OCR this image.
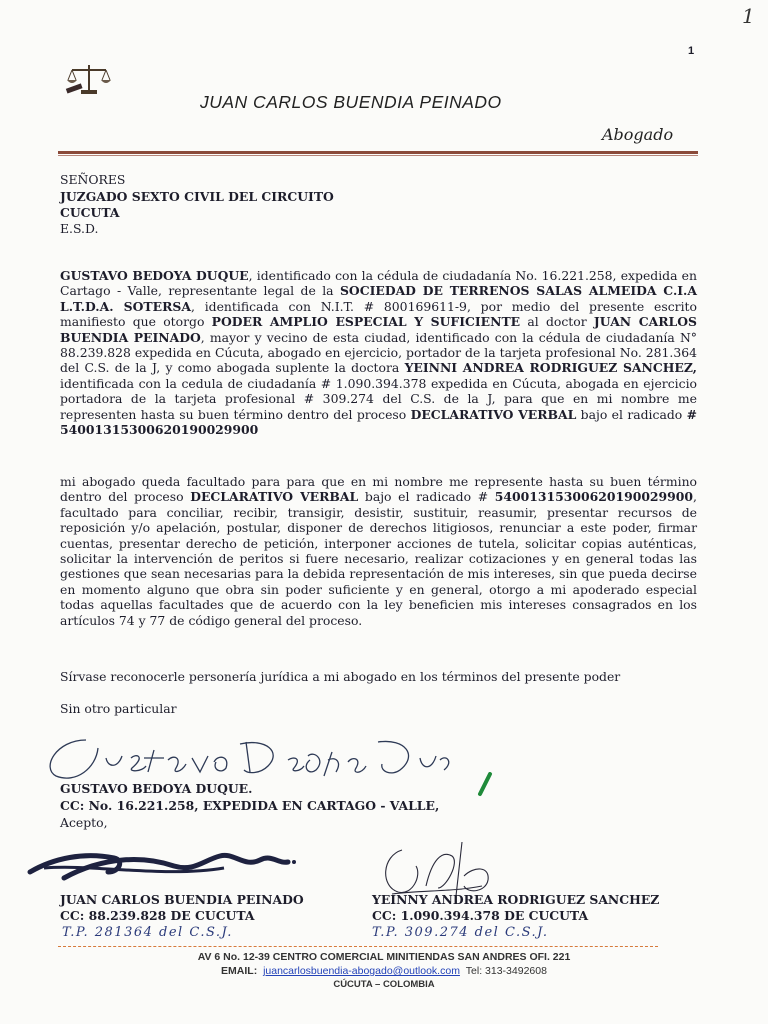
1
1
JUAN CARLOS BUENDIA PEINADO
Abogado
SEÑORES
JUZGADO SEXTO CIVIL DEL CIRCUITO
CUCUTA
E.S.D.
GUSTAVO BEDOYA DUQUE, identificado con la cédula de ciudadanía No. 16.221.258, expedida en Cartago - Valle, representante legal de la SOCIEDAD DE TERRENOS SALAS ALMEIDA C.I.A L.T.D.A. SOTERSA, identificada con N.I.T. # 800169611-9, por medio del presente escrito manifiesto que otorgo PODER AMPLIO ESPECIAL Y SUFICIENTE al doctor JUAN CARLOS BUENDIA PEINADO, mayor y vecino de esta ciudad, identificado con la cédula de ciudadanía N° 88.239.828 expedida en Cúcuta, abogado en ejercicio, portador de la tarjeta profesional No. 281.364 del C.S. de la J, y como abogada suplente la doctora YEINNI ANDREA RODRIGUEZ SANCHEZ, identificada con la cedula de ciudadanía # 1.090.394.378 expedida en Cúcuta, abogada en ejercicio portadora de la tarjeta profesional # 309.274 del C.S. de la J, para que en mi nombre me representen hasta su buen término dentro del proceso DECLARATIVO VERBAL bajo el radicado # 54001315300620190029900
mi abogado queda facultado para para que en mi nombre me represente hasta su buen término dentro del proceso DECLARATIVO VERBAL bajo el radicado # 54001315300620190029900, facultado para conciliar, recibir, transigir, desistir, sustituir, reasumir, presentar recursos de reposición y/o apelación, postular, disponer de derechos litigiosos, renunciar a este poder, firmar cuentas, presentar derecho de petición, interponer acciones de tutela, solicitar copias auténticas, solicitar la intervención de peritos si fuere necesario, realizar cotizaciones y en general todas las gestiones que sean necesarias para la debida representación de mis intereses, sin que pueda decirse en momento alguno que obra sin poder suficiente y en general, otorgo a mi apoderado especial todas aquellas facultades que de acuerdo con la ley beneficien mis intereses consagrados en los artículos 74 y 77 de código general del proceso.
Sírvase reconocerle personería jurídica a mi abogado en los términos del presente poder
Sin otro particular
GUSTAVO BEDOYA DUQUE.
CC: No. 16.221.258, EXPEDIDA EN CARTAGO - VALLE,
Acepto,
JUAN CARLOS BUENDIA PEINADO
CC: 88.239.828 DE CUCUTA
T.P. 281364 del C.S.J.
YEINNY ANDREA RODRIGUEZ SANCHEZ
CC: 1.090.394.378 DE CUCUTA
T.P. 309.274 del C.S.J.
AV 6 No. 12-39 CENTRO COMERCIAL MINITIENDAS SAN ANDRES OFI. 221
EMAIL: juancarlosbuendia-abogado@outlook.com Tel: 313-3492608
CÚCUTA – COLOMBIA
